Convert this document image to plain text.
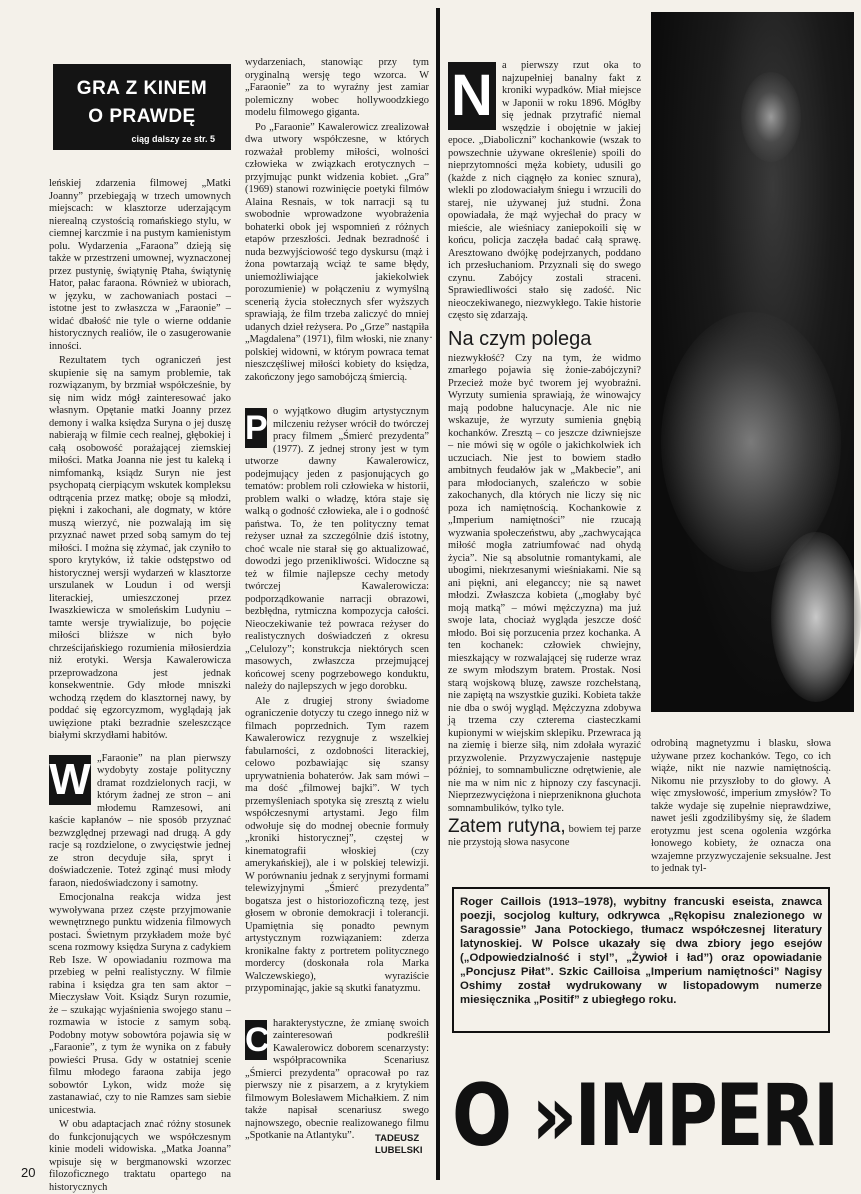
GRA Z KINEM
O PRAWDĘ
ciąg dalszy ze str. 5

leńskiej zdarzenia filmowej „Matki Joanny” przebiegają w trzech umownych miejscach: w klasztorze uderzającym nierealną czystością romańskiego stylu, w ciemnej karczmie i na pustym kamienistym polu. Wydarzenia „Faraona” dzieją się także w przestrzeni umownej, wyznaczonej przez pustynię, świątynię Ptaha, świątynię Hator, pałac faraona. Również w ubiorach, w języku, w zachowaniach postaci – istotne jest to zwłaszcza w „Faraonie” – widać dbałość nie tyle o wierne oddanie historycznych realiów, ile o zasugerowanie inności.

Rezultatem tych ograniczeń jest skupienie się na samym problemie, tak rozwiązanym, by brzmiał współcześnie, by się nim widz mógł zainteresować jako własnym. Opętanie matki Joanny przez demony i walka księdza Suryna o jej duszę nabierają w filmie cech realnej, głębokiej i całą osobowość porażającej ziemskiej miłości. Matka Joanna nie jest tu kaleką i nimfomanką, ksiądz Suryn nie jest psychopatą cierpiącym wskutek kompleksu odtrącenia przez matkę; oboje są młodzi, piękni i zakochani, ale dogmaty, w które muszą wierzyć, nie pozwalają im się przyznać nawet przed sobą samym do tej miłości. I można się zżymać, jak czyniło to sporo krytyków, iż takie odstępstwo od historycznej wersji wydarzeń w klasztorze urszulanek w Loudun i od wersji literackiej, umieszczonej przez Iwaszkiewicza w smoleńskim Ludyniu – tamte wersje trywializuje, bo pojęcie miłości bliższe w nich było chrześcijańskiego rozumienia miłosierdzia niż erotyki. Wersja Kawalerowicza przeprowadzona jest jednak konsekwentnie. Gdy młode mniszki wchodzą rzędem do klasztornej nawy, by poddać się egzorcyzmom, wyglądają jak uwięzione ptaki bezradnie szeleszczące białymi skrzydłami habitów.

W „Faraonie” na plan pierwszy wydobyty zostaje polityczny dramat rozdzielonych racji, w którym żadnej ze stron – ani młodemu Ramzesowi, ani kaście kapłanów – nie sposób przyznać bezwzględnej przewagi nad drugą. A gdy racje są rozdzielone, o zwycięstwie jednej ze stron decyduje siła, spryt i doświadczenie. Toteż zginąć musi młody faraon, niedoświadczony i samotny.

Emocjonalna reakcja widza jest wywoływana przez częste przyjmowanie wewnętrznego punktu widzenia filmowych postaci. Świetnym przykładem może być scena rozmowy księdza Suryna z cadykiem Reb Isze. W opowiadaniu rozmowa ma przebieg w pełni realistyczny. W filmie rabina i księdza gra ten sam aktor – Mieczysław Voit. Ksiądz Suryn rozumie, że – szukając wyjaśnienia swojego stanu – rozmawia w istocie z samym sobą. Podobny motyw sobowtóra pojawia się w „Faraonie”, z tym że wynika on z fabuły powieści Prusa. Gdy w ostatniej scenie filmu młodego faraona zabija jego sobowtór Lykon, widz może się zastanawiać, czy to nie Ramzes sam siebie unicestwia.

W obu adaptacjach znać różny stosunek do funkcjonujących we współczesnym kinie modeli widowiska. „Matka Joanna” wpisuje się w bergmanowski wzorzec filozoficznego traktatu opartego na historycznych

wydarzeniach, stanowiąc przy tym oryginalną wersję tego wzorca. W „Faraonie” za to wyraźny jest zamiar polemiczny wobec hollywoodzkiego modelu filmowego giganta.

Po „Faraonie” Kawalerowicz zrealizował dwa utwory współczesne, w których rozważał problemy miłości, wolności człowieka w związkach erotycznych – przyjmując punkt widzenia kobiet. „Gra” (1969) stanowi rozwinięcie poetyki filmów Alaina Resnais, w tok narracji są tu swobodnie wprowadzone wyobrażenia bohaterki obok jej wspomnień z różnych etapów przeszłości. Jednak bezradność i nuda bezwyjściowość tego dyskursu (mąż i żona powtarzają wciąż te same błędy, uniemożliwiające jakiekolwiek porozumienie) w połączeniu z wymyślną scenerią życia stołecznych sfer wyższych sprawiają, że film trzeba zaliczyć do mniej udanych dzieł reżysera. Po „Grze” nastąpiła „Magdalena” (1971), film włoski, nie znany polskiej widowni, w którym powraca temat nieszczęśliwej miłości kobiety do księdza, zakończony jego samobójczą śmiercią.

P o wyjątkowo długim artystycznym milczeniu reżyser wrócił do twórczej pracy filmem „Śmierć prezydenta” (1977). Z jednej strony jest w tym utworze dawny Kawalerowicz, podejmujący jeden z pasjonujących go tematów: problem roli człowieka w historii, problem walki o władzę, która staje się walką o godność człowieka, ale i o godność państwa. To, że ten polityczny temat reżyser uznał za szczególnie dziś istotny, choć wcale nie starał się go aktualizować, dowodzi jego przenikliwości. Widoczne są też w filmie najlepsze cechy metody twórczej Kawalerowicza: podporządkowanie narracji obrazowi, bezbłędna, rytmiczna kompozycja całości. Nieoczekiwanie też powraca reżyser do realistycznych doświadczeń z okresu „Celulozy”; konstrukcja niektórych scen masowych, zwłaszcza przejmującej końcowej sceny pogrzebowego konduktu, należy do najlepszych w jego dorobku.

Ale z drugiej strony świadome ograniczenie dotyczy tu czego innego niż w filmach poprzednich. Tym razem Kawalerowicz rezygnuje z wszelkiej fabularności, z ozdobności literackiej, celowo pozbawiając się szansy uprywatnienia bohaterów. Jak sam mówi – ma dość „filmowej bajki”. W tych przemyśleniach spotyka się zresztą z wielu współczesnymi artystami. Jego film odwołuje się do modnej obecnie formuły „kroniki historycznej”, częstej w kinematografii włoskiej (czy amerykańskiej), ale i w polskiej telewizji. W porównaniu jednak z seryjnymi formami telewizyjnymi „Śmierć prezydenta” bogatsza jest o historiozoficzną tezę, jest głosem w obronie demokracji i tolerancji. Upamiętnia się ponadto pewnym artystycznym rozwiązaniem: zderza kronikalne fakty z portretem politycznego mordercy (doskonała rola Marka Walczewskiego), wyraziście przypominając, jakie są skutki fanatyzmu.

C harakterystyczne, że zmianę swoich zainteresowań podkreślił Kawalerowicz doborem scenarzysty: współpracownika Scenariusz „Śmierci prezydenta” opracował po raz pierwszy nie z pisarzem, a z krytykiem filmowym Bolesławem Michałkiem. Z nim także napisał scenariusz swego najnowszego, obecnie realizowanego filmu „Spotkanie na Atlantyku”.	TADEUSZ
LUBELSKI
N a pierwszy rzut oka to najzupełniej banalny fakt z kroniki wypadków. Miał miejsce w Japonii w roku 1896. Mógłby się jednak przytrafić niemal wszędzie i obojętnie w jakiej epoce. „Diaboliczni” kochankowie (wszak to powszechnie używane określenie) spoili do nieprzytomności męża kobiety, udusili go (każde z nich ciągnęło za koniec sznura), wlekli po zlodowaciałym śniegu i wrzucili do starej, nie używanej już studni. Żona opowiadała, że mąż wyjechał do pracy w mieście, ale wieśniacy zaniepokoili się w końcu, policja zaczęła badać całą sprawę. Aresztowano dwójkę podejrzanych, poddano ich przesłuchaniom. Przyznali się do swego czynu. Zabójcy zostali straceni. Sprawiedliwości stało się zadość. Nic nieoczekiwanego, niezwykłego. Takie historie często się zdarzają.

Na czym polega

niezwykłość? Czy na tym, że widmo zmarłego pojawia się żonie-zabójczyni? Przecież może być tworem jej wyobraźni. Wyrzuty sumienia sprawiają, że winowajcy mają podobne halucynacje. Ale nic nie wskazuje, że wyrzuty sumienia gnębią kochanków. Zresztą – co jeszcze dziwniejsze – nie mówi się w ogóle o jakichkolwiek ich uczuciach. Nie jest to bowiem stadło ambitnych feudałów jak w „Makbecie”, ani para młodocianych, szaleńczo w sobie zakochanych, dla których nie liczy się nic poza ich namiętnością. Kochankowie z „Imperium namiętności” nie rzucają wyzwania społeczeństwu, aby „zachwycająca miłość mogła zatriumfować nad ohydą życia”. Nie są absolutnie romantykami, ale ubogimi, niekrzesanymi wieśniakami. Nie są ani piękni, ani eleganccy; nie są nawet młodzi. Zwłaszcza kobieta („mogłaby być moją matką” – mówi mężczyzna) ma już swoje lata, chociaż wygląda jeszcze dość młodo. Boi się porzucenia przez kochanka. A ten kochanek: człowiek chwiejny, mieszkający w rozwalającej się ruderze wraz ze swym młodszym bratem. Prostak. Nosi starą wojskową bluzę, zawsze rozchełstaną, nie zapiętą na wszystkie guziki. Kobieta także nie dba o swój wygląd. Mężczyzna zdobywa ją trzema czy czterema ciasteczkami kupionymi w wiejskim sklepiku. Przewraca ją na ziemię i bierze siłą, nim zdołała wyrazić przyzwolenie. Przyzwyczajenie następuje później, to somnambuliczne odrętwienie, ale nie ma w nim nic z hipnozy czy fascynacji. Nieprzezwyciężona i nieprzeniknona głuchota somnambulików, tylko tyle.

Zatem rutyna, bowiem tej parze nie przystoją słowa nasycone

odrobiną magnetyzmu i blasku, słowa używane przez kochanków. Tego, co ich wiąże, nikt nie nazwie namiętnością. Nikomu nie przyszłoby to do głowy. A więc zmysłowość, imperium zmysłów? To także wydaje się zupełnie nieprawdziwe, nawet jeśli zgodzilibyśmy się, że śladem erotyzmu jest scena ogolenia wzgórka łonowego kobiety, że oznacza ona wzajemne przyzwyczajenie seksualne. Jest to jednak tyl-

Roger Caillois (1913–1978), wybitny francuski eseista, znawca poezji, socjolog kultury, odkrywca „Rękopisu znalezionego w Saragossie” Jana Potockiego, tłumacz współczesnej literatury latynoskiej. W Polsce ukazały się dwa zbiory jego esejów („Odpowiedzialność i styl”, „Żywioł i ład”) oraz opowiadanie „Poncjusz Piłat”. Szkic Cailloisa „Imperium namiętności” Nagisy Oshimy został wydrukowany w listopadowym numerze miesięcznika „Positif” z ubiegłego roku.
O »IMPERI
·
20
